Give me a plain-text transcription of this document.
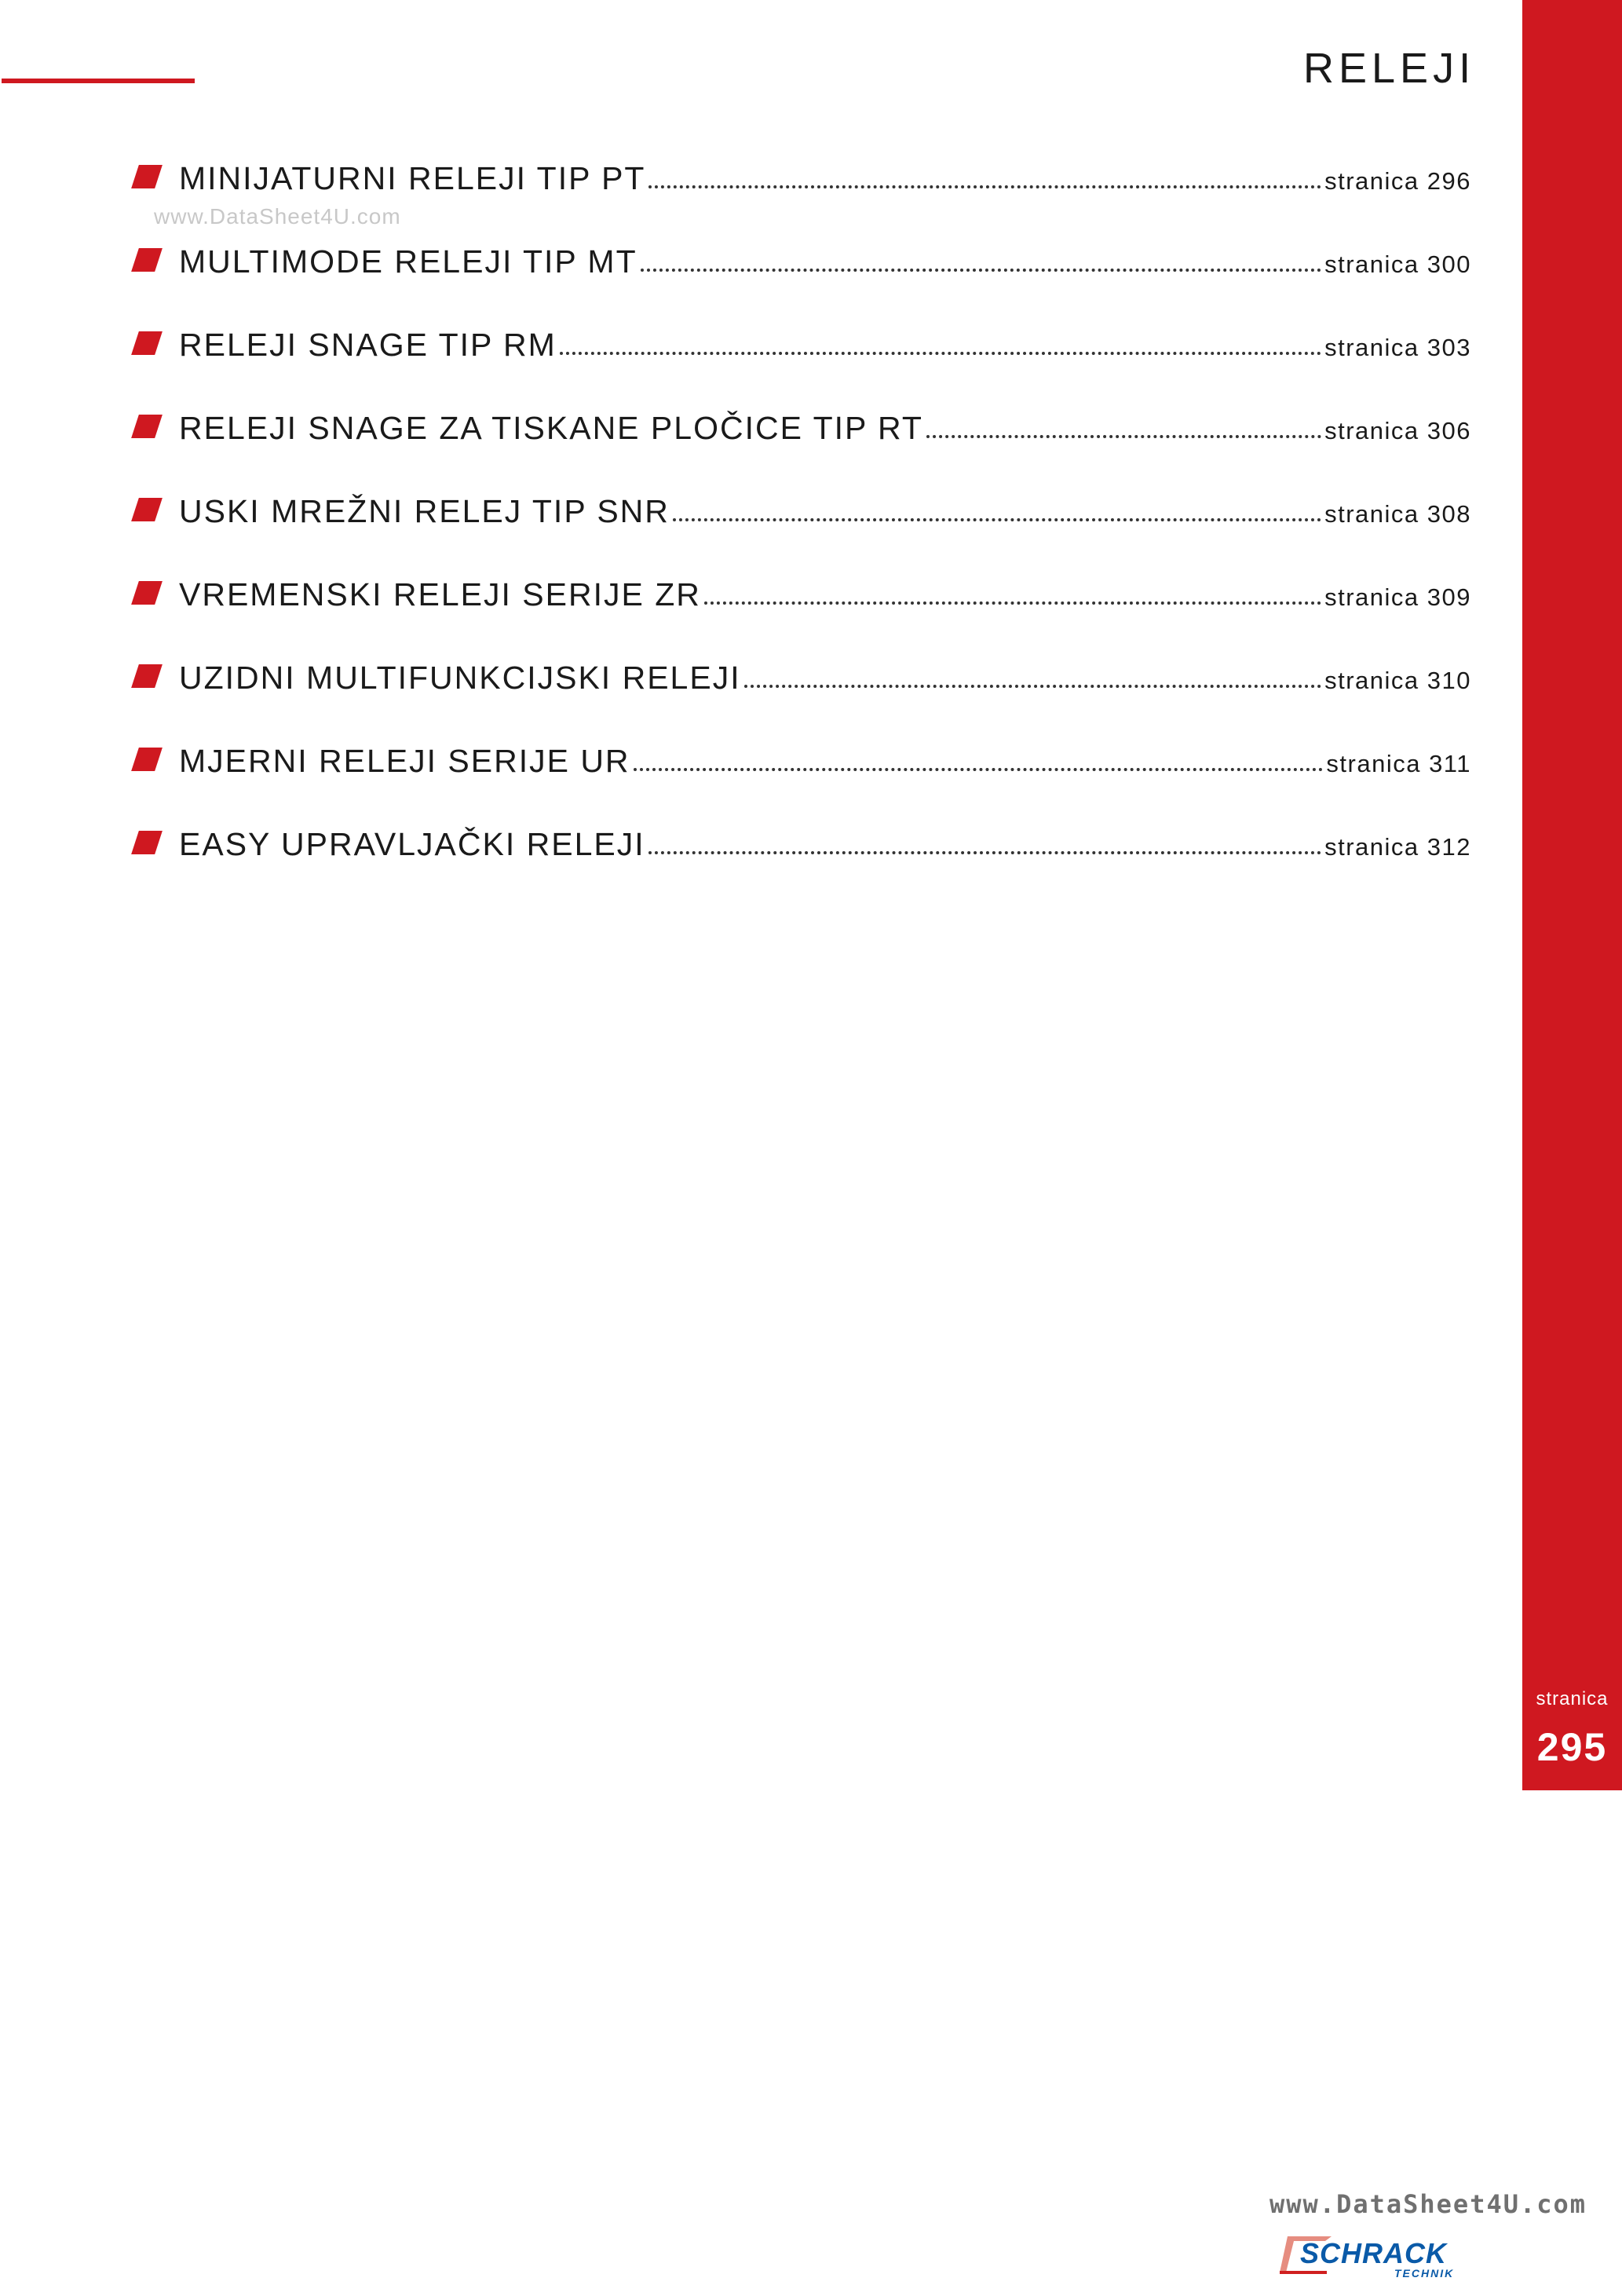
stranica
295
RELEJI
www.DataSheet4U.com
MINIJATURNI RELEJI TIP PT	stranica 296
MULTIMODE RELEJI TIP MT	stranica 300
RELEJI SNAGE TIP RM	stranica 303
RELEJI SNAGE ZA TISKANE PLOČICE TIP RT	stranica 306
USKI MREŽNI RELEJ TIP SNR	stranica 308
VREMENSKI RELEJI SERIJE ZR	stranica 309
UZIDNI MULTIFUNKCIJSKI RELEJI	stranica 310
MJERNI RELEJI SERIJE UR	stranica 311
EASY UPRAVLJAČKI RELEJI	stranica 312
www.DataSheet4U.com
SCHRACK
TECHNIK
